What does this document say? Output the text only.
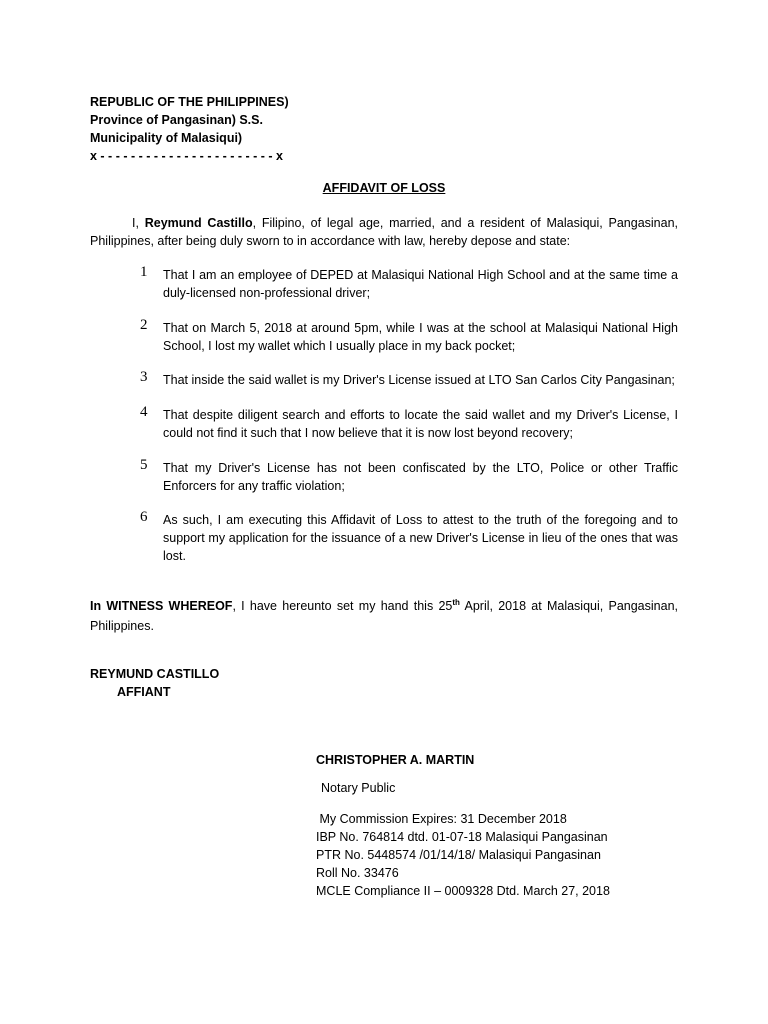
REPUBLIC OF THE PHILIPPINES)
Province of Pangasinan) S.S.
Municipality of Malasiqui)
x - - - - - - - - - - - - - - - - - - - - - - - x
AFFIDAVIT OF LOSS
I, Reymund Castillo, Filipino, of legal age, married, and a resident of Malasiqui, Pangasinan, Philippines, after being duly sworn to in accordance with law, hereby depose and state:
1 That I am an employee of DEPED at Malasiqui National High School and at the same time a duly-licensed non-professional driver;
2 That on March 5, 2018 at around 5pm, while I was at the school at Malasiqui National High School, I lost my wallet which I usually place in my back pocket;
3 That inside the said wallet is my Driver's License issued at LTO San Carlos City Pangasinan;
4 That despite diligent search and efforts to locate the said wallet and my Driver's License, I could not find it such that I now believe that it is now lost beyond recovery;
5 That my Driver's License has not been confiscated by the LTO, Police or other Traffic Enforcers for any traffic violation;
6 As such, I am executing this Affidavit of Loss to attest to the truth of the foregoing and to support my application for the issuance of a new Driver's License in lieu of the ones that was lost.
In WITNESS WHEREOF, I have hereunto set my hand this 25th April, 2018 at Malasiqui, Pangasinan, Philippines.
REYMUND CASTILLO
AFFIANT
CHRISTOPHER A. MARTIN
Notary Public
My Commission Expires: 31 December 2018
IBP No. 764814 dtd. 01-07-18 Malasiqui Pangasinan
PTR No. 5448574 /01/14/18/ Malasiqui Pangasinan
Roll No. 33476
MCLE Compliance II – 0009328 Dtd. March 27, 2018
